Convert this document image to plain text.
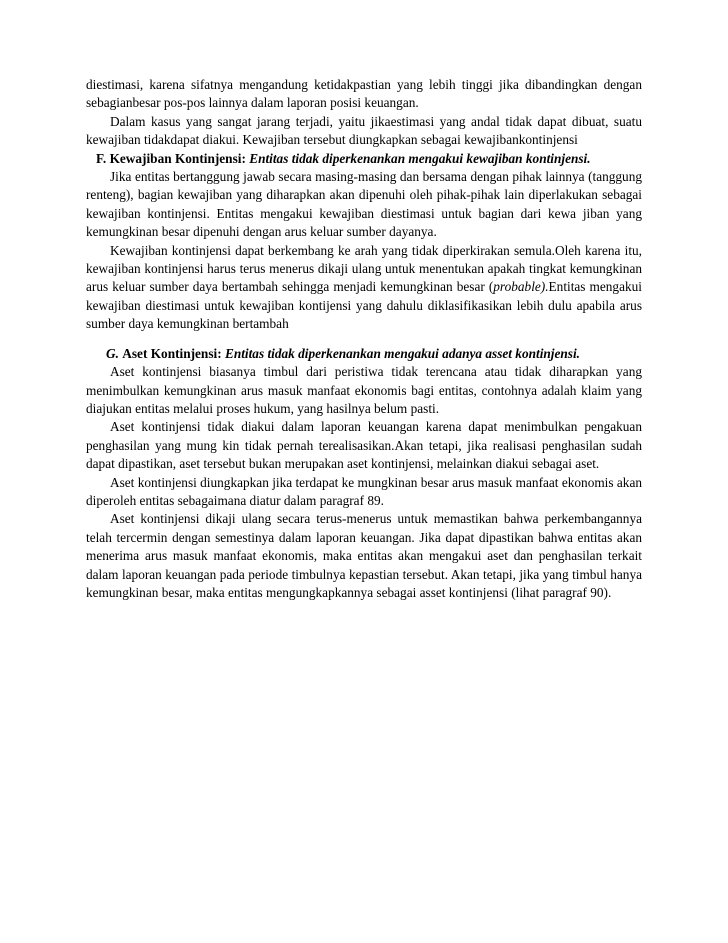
diestimasi, karena sifatnya mengandung ketidakpastian yang lebih tinggi jika dibandingkan dengan sebagianbesar pos-pos lainnya dalam laporan posisi keuangan.

Dalam kasus yang sangat jarang terjadi, yaitu jikaestimasi yang andal tidak dapat dibuat, suatu kewajiban tidakdapat diakui. Kewajiban tersebut diungkapkan sebagai kewajibankontinjensi

F. Kewajiban Kontinjensi: Entitas tidak diperkenankan mengakui kewajiban kontinjensi.

Jika entitas bertanggung jawab secara masing-masing dan bersama dengan pihak lainnya (tanggung renteng), bagian kewajiban yang diharapkan akan dipenuhi oleh pihak-pihak lain diperlakukan sebagai kewajiban kontinjensi. Entitas mengakui kewajiban diestimasi untuk bagian dari kewa jiban yang kemungkinan besar dipenuhi dengan arus keluar sumber dayanya.

Kewajiban kontinjensi dapat berkembang ke arah yang tidak diperkirakan semula.Oleh karena itu, kewajiban kontinjensi harus terus menerus dikaji ulang untuk menentukan apakah tingkat kemungkinan arus keluar sumber daya bertambah sehingga menjadi kemungkinan besar (probable).Entitas mengakui kewajiban diestimasi untuk kewajiban kontijensi yang dahulu diklasifikasikan lebih dulu apabila arus sumber daya kemungkinan bertambah

G. Aset Kontinjensi: Entitas tidak diperkenankan mengakui adanya asset kontinjensi.

Aset kontinjensi biasanya timbul dari peristiwa tidak terencana atau tidak diharapkan yang menimbulkan kemungkinan arus masuk manfaat ekonomis bagi entitas, contohnya adalah klaim yang diajukan entitas melalui proses hukum, yang hasilnya belum pasti.

Aset kontinjensi tidak diakui dalam laporan keuangan karena dapat menimbulkan pengakuan penghasilan yang mung kin tidak pernah terealisasikan.Akan tetapi, jika realisasi penghasilan sudah dapat dipastikan, aset tersebut bukan merupakan aset kontinjensi, melainkan diakui sebagai aset.

Aset kontinjensi diungkapkan jika terdapat ke mungkinan besar arus masuk manfaat ekonomis akan diperoleh entitas sebagaimana diatur dalam paragraf 89.

Aset kontinjensi dikaji ulang secara terus-menerus untuk memastikan bahwa perkembangannya telah tercermin dengan semestinya dalam laporan keuangan. Jika dapat dipastikan bahwa entitas akan menerima arus masuk manfaat ekonomis, maka entitas akan mengakui aset dan penghasilan terkait dalam laporan keuangan pada periode timbulnya kepastian tersebut. Akan tetapi, jika yang timbul hanya kemungkinan besar, maka entitas mengungkapkannya sebagai asset kontinjensi (lihat paragraf 90).
